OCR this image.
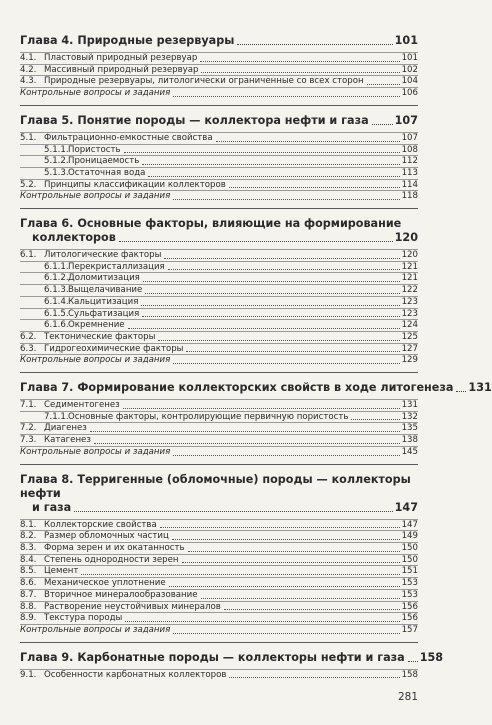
Глава 4. Природные резервуары	101
4.1. Пластовый природный резервуар	101
4.2. Массивный природный резервуар	102
4.3. Природные резервуары, литологически ограниченные со всех сторон	104
Контрольные вопросы и задания	106
Глава 5. Понятие породы — коллектора нефти и газа 107
5.1. Фильтрационно-емкостные свойства	107
5.1.1. Пористость	108
5.1.2. Проницаемость	112
5.1.3. Остаточная вода	113
5.2. Принципы классификации коллекторов	114
Контрольные вопросы и задания	118
Глава 6. Основные факторы, влияющие на формирование
коллекторов	120
6.1. Литологические факторы	120
6.1.1. Перекристаллизация	121
6.1.2. Доломитизация	121
6.1.3. Выщелачивание	122
6.1.4. Кальцитизация	123
6.1.5. Сульфатизация	123
6.1.6. Окремнение	124
6.2. Тектонические факторы	125
6.3. Гидрогеохимические факторы	127
Контрольные вопросы и задания	129
Глава 7. Формирование коллекторских свойств в ходе литогенеза 131
7.1. Седиментогенез	131
7.1.1. Основные факторы, контролирующие первичную пористость	132
7.2. Диагенез	135
7.3. Катагенез	138
Контрольные вопросы и задания	145
Глава 8. Терригенные (обломочные) породы — коллекторы нефти
и газа	147
8.1. Коллекторские свойства	147
8.2. Размер обломочных частиц	149
8.3. Форма зерен и их окатанность	150
8.4. Степень однородности зерен	150
8.5. Цемент	151
8.6. Механическое уплотнение	153
8.7. Вторичное минералообразование	153
8.8. Растворение неустойчивых минералов	156
8.9. Текстура породы	156
Контрольные вопросы и задания	157
Глава 9. Карбонатные породы — коллекторы нефти и газа 158
9.1. Особенности карбонатных коллекторов	158
281
